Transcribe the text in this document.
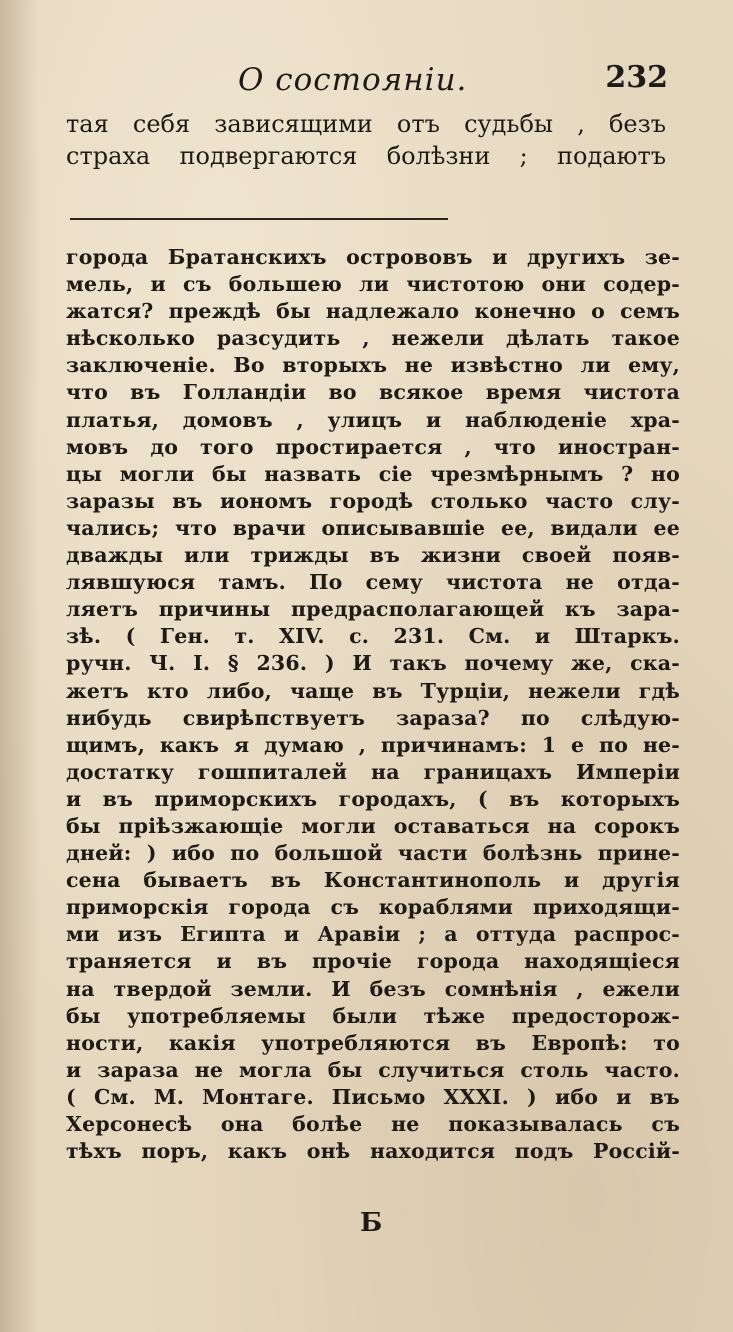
О состоянiи.	232
тая себя зависящими отъ судьбы , безъ
страха подвергаются болѣзни ; подаютъ
города Братанскихъ острововъ и другихъ зе-
мель, и съ большею ли чистотою они содер-
жатся? преждѣ бы надлежало конечно о семъ
нѣсколько разсудить , нежели дѣлать такое
заключенiе. Во вторыхъ не извѣстно ли ему,
что въ Голландiи во всякое время чистота
платья, домовъ , улицъ и наблюденiе хра-
мовъ до того простирается , что иностран-
цы могли бы назвать сiе чрезмѣрнымъ ? но
заразы въ иономъ городѣ столько часто слу-
чались; что врачи описывавшiе ее, видали ее
дважды или трижды въ жизни своей появ-
лявшуюся тамъ. По сему чистота не отда-
ляетъ причины предрасполагающей къ зара-
зѣ. ( Ген. т. XIV. с. 231. См. и Штаркъ.
ручн. Ч. I. § 236. ) И такъ почему же, ска-
жетъ кто либо, чаще въ Турцiи, нежели гдѣ
нибудь свирѣпствуетъ зараза? по слѣдую-
щимъ, какъ я думаю , причинамъ: 1 е по не-
достатку гошпиталей на границахъ Имперiи
и въ приморскихъ городахъ, ( въ которыхъ
бы прiѣзжающiе могли оставаться на сорокъ
дней: ) ибо по большой части болѣзнь прине-
сена бываетъ въ Константинополь и другiя
приморскiя города съ кораблями приходящи-
ми изъ Египта и Аравiи ; а оттуда распрос-
траняется и въ прочiе города находящiеся
на твердой земли. И безъ сомнѣнiя , ежели
бы употребляемы были тѣже предосторож-
ности, какiя употребляются въ Европѣ: то
и зараза не могла бы случиться столь часто.
( См. М. Монтаге. Письмо XXXI. ) ибо и въ
Херсонесѣ она болѣе не показывалась съ
тѣхъ поръ, какъ онѣ находится подъ Россiй-
Б
